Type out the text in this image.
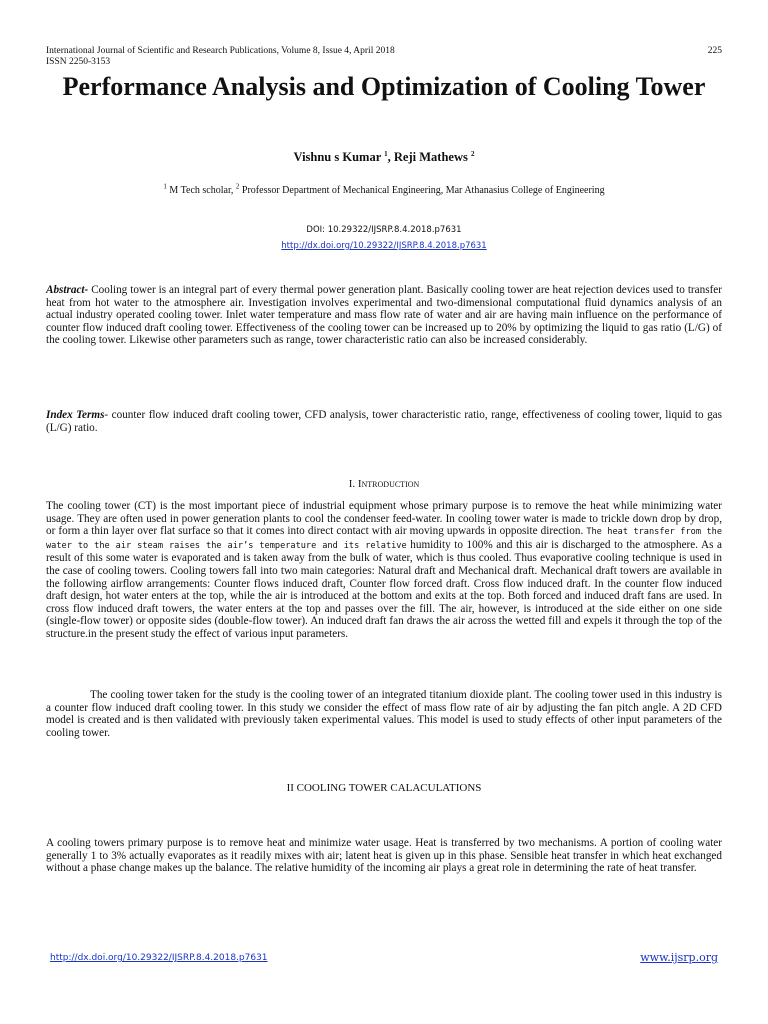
International Journal of Scientific and Research Publications, Volume 8, Issue 4, April 2018
ISSN 2250-3153
225
Performance Analysis and Optimization of Cooling Tower
Vishnu s Kumar $^1$, Reji Mathews $^2$
$^1$ M Tech scholar, $^2$ Professor Department of Mechanical Engineering, Mar Athanasius College of Engineering
DOI: 10.29322/IJSRP.8.4.2018.p7631
http://dx.doi.org/10.29322/IJSRP.8.4.2018.p7631
Abstract- Cooling tower is an integral part of every thermal power generation plant. Basically cooling tower are heat rejection devices used to transfer heat from hot water to the atmosphere air. Investigation involves experimental and two-dimensional computational fluid dynamics analysis of an actual industry operated cooling tower. Inlet water temperature and mass flow rate of water and air are having main influence on the performance of counter flow induced draft cooling tower. Effectiveness of the cooling tower can be increased up to 20% by optimizing the liquid to gas ratio (L/G) of the cooling tower. Likewise other parameters such as range, tower characteristic ratio can also be increased considerably.
Index Terms- counter flow induced draft cooling tower, CFD analysis, tower characteristic ratio, range, effectiveness of cooling tower, liquid to gas (L/G) ratio.
I. Introduction
The cooling tower (CT) is the most important piece of industrial equipment whose primary purpose is to remove the heat while minimizing water usage. They are often used in power generation plants to cool the condenser feed-water. In cooling tower water is made to trickle down drop by drop, or form a thin layer over flat surface so that it comes into direct contact with air moving upwards in opposite direction. The heat transfer from the water to the air steam raises the air’s temperature and its relative humidity to 100% and this air is discharged to the atmosphere. As a result of this some water is evaporated and is taken away from the bulk of water, which is thus cooled. Thus evaporative cooling technique is used in the case of cooling towers. Cooling towers fall into two main categories: Natural draft and Mechanical draft. Mechanical draft towers are available in the following airflow arrangements: Counter flows induced draft, Counter flow forced draft. Cross flow induced draft. In the counter flow induced draft design, hot water enters at the top, while the air is introduced at the bottom and exits at the top. Both forced and induced draft fans are used. In cross flow induced draft towers, the water enters at the top and passes over the fill. The air, however, is introduced at the side either on one side (single-flow tower) or opposite sides (double-flow tower). An induced draft fan draws the air across the wetted fill and expels it through the top of the structure.in the present study the effect of various input parameters.
The cooling tower taken for the study is the cooling tower of an integrated titanium dioxide plant. The cooling tower used in this industry is a counter flow induced draft cooling tower. In this study we consider the effect of mass flow rate of air by adjusting the fan pitch angle. A 2D CFD model is created and is then validated with previously taken experimental values. This model is used to study effects of other input parameters of the cooling tower.
II COOLING TOWER CALACULATIONS
A cooling towers primary purpose is to remove heat and minimize water usage. Heat is transferred by two mechanisms. A portion of cooling water generally 1 to 3% actually evaporates as it readily mixes with air; latent heat is given up in this phase. Sensible heat transfer in which heat exchanged without a phase change makes up the balance. The relative humidity of the incoming air plays a great role in determining the rate of heat transfer.
http://dx.doi.org/10.29322/IJSRP.8.4.2018.p7631	www.ijsrp.org
